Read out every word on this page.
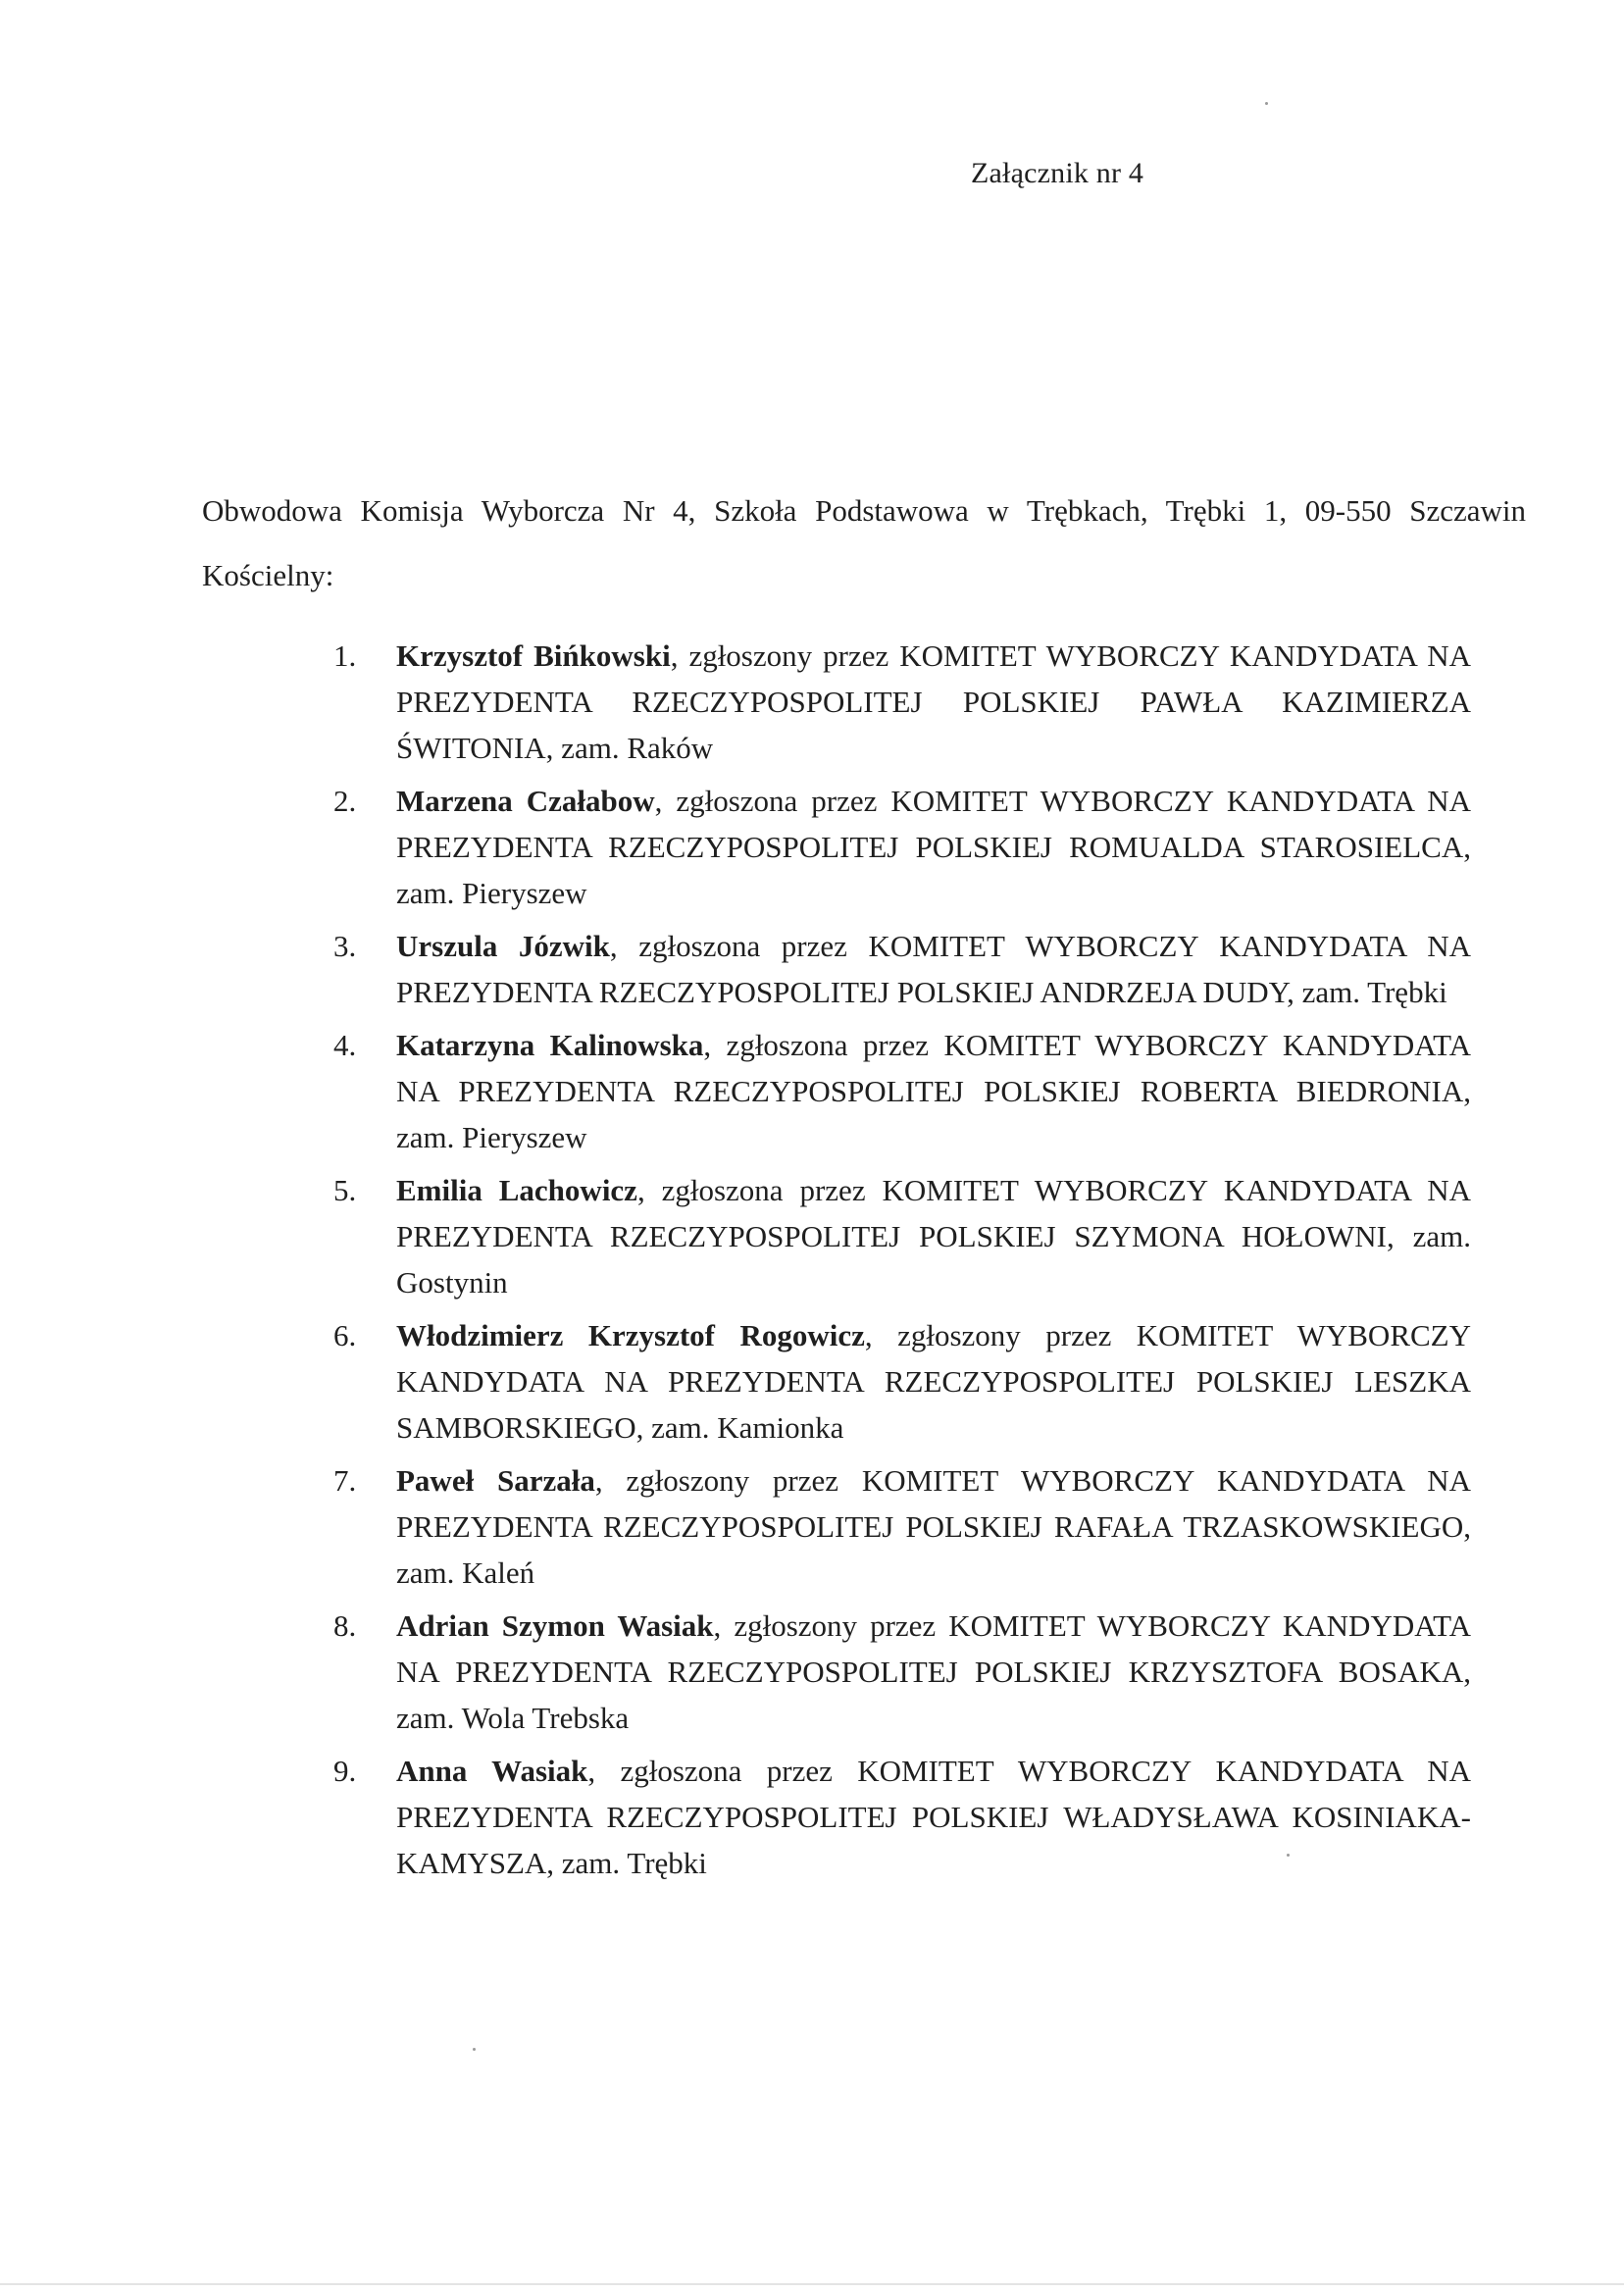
Załącznik nr 4
Obwodowa Komisja Wyborcza Nr 4, Szkoła Podstawowa w Trębkach, Trębki 1, 09-550 Szczawin Kościelny:
1. Krzysztof Bińkowski, zgłoszony przez KOMITET WYBORCZY KANDYDATA NA PREZYDENTA RZECZYPOSPOLITEJ POLSKIEJ PAWŁA KAZIMIERZA ŚWITONIA, zam. Raków
2. Marzena Czałabow, zgłoszona przez KOMITET WYBORCZY KANDYDATA NA PREZYDENTA RZECZYPOSPOLITEJ POLSKIEJ ROMUALDA STAROSIELCA, zam. Pieryszew
3. Urszula Józwik, zgłoszona przez KOMITET WYBORCZY KANDYDATA NA PREZYDENTA RZECZYPOSPOLITEJ POLSKIEJ ANDRZEJA DUDY, zam. Trębki
4. Katarzyna Kalinowska, zgłoszona przez KOMITET WYBORCZY KANDYDATA NA PREZYDENTA RZECZYPOSPOLITEJ POLSKIEJ ROBERTA BIEDRONIA, zam. Pieryszew
5. Emilia Lachowicz, zgłoszona przez KOMITET WYBORCZY KANDYDATA NA PREZYDENTA RZECZYPOSPOLITEJ POLSKIEJ SZYMONA HOŁOWNI, zam. Gostynin
6. Włodzimierz Krzysztof Rogowicz, zgłoszony przez KOMITET WYBORCZY KANDYDATA NA PREZYDENTA RZECZYPOSPOLITEJ POLSKIEJ LESZKA SAMBORSKIEGO, zam. Kamionka
7. Paweł Sarzała, zgłoszony przez KOMITET WYBORCZY KANDYDATA NA PREZYDENTA RZECZYPOSPOLITEJ POLSKIEJ RAFAŁA TRZASKOWSKIEGO, zam. Kaleń
8. Adrian Szymon Wasiak, zgłoszony przez KOMITET WYBORCZY KANDYDATA NA PREZYDENTA RZECZYPOSPOLITEJ POLSKIEJ KRZYSZTOFA BOSAKA, zam. Wola Trebska
9. Anna Wasiak, zgłoszona przez KOMITET WYBORCZY KANDYDATA NA PREZYDENTA RZECZYPOSPOLITEJ POLSKIEJ WŁADYSŁAWA KOSINIAKA-KAMYSZA, zam. Trębki
